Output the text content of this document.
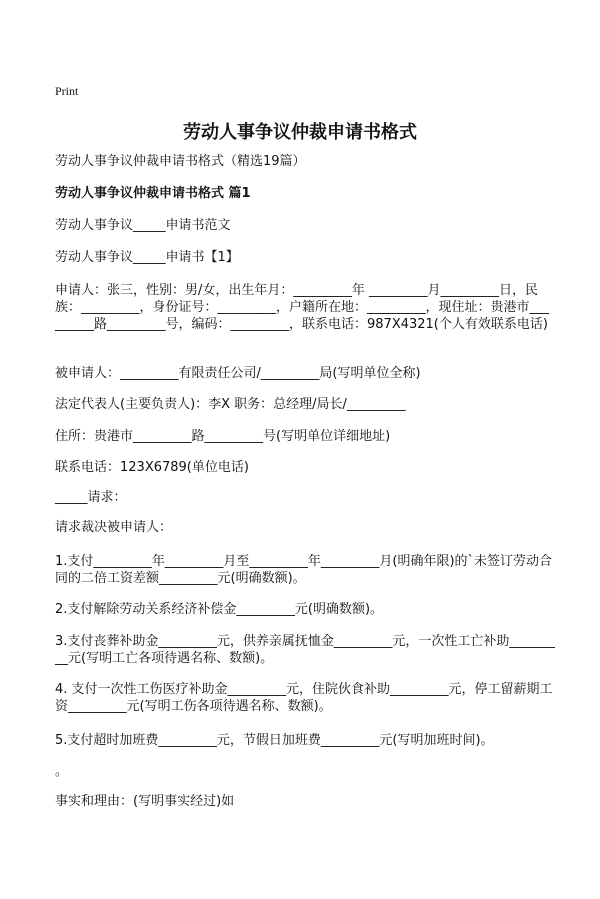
Print
劳动人事争议仲裁申请书格式
劳动人事争议仲裁申请书格式（精选19篇）
劳动人事争议仲裁申请书格式 篇1
劳动人事争议_____申请书范文
劳动人事争议_____申请书【1】
申请人：张三，性别：男/女，出生年月：_________年 _________月_________日，民族：_________，身份证号：_________，户籍所在地：_________，现住址：贵港市_________路_________号，编码：_________，联系电话：987X4321(个人有效联系电话)
被申请人：_________有限责任公司/_________局(写明单位全称)
法定代表人(主要负责人)：李X 职务：总经理/局长/_________
住所：贵港市_________路_________号(写明单位详细地址)
联系电话：123X6789(单位电话)
_____请求：
请求裁决被申请人：
1.支付_________年_________月至_________年_________月(明确年限)的`未签订劳动合同的二倍工资差额_________元(明确数额)。
2.支付解除劳动关系经济补偿金_________元(明确数额)。
3.支付丧葬补助金_________元，供养亲属抚恤金_________元，一次性工亡补助_________元(写明工亡各项待遇名称、数额)。
4. 支付一次性工伤医疗补助金_________元，住院伙食补助_________元，停工留薪期工资_________元(写明工伤各项待遇名称、数额)。
5.支付超时加班费_________元，节假日加班费_________元(写明加班时间)。
。
事实和理由：(写明事实经过)如
